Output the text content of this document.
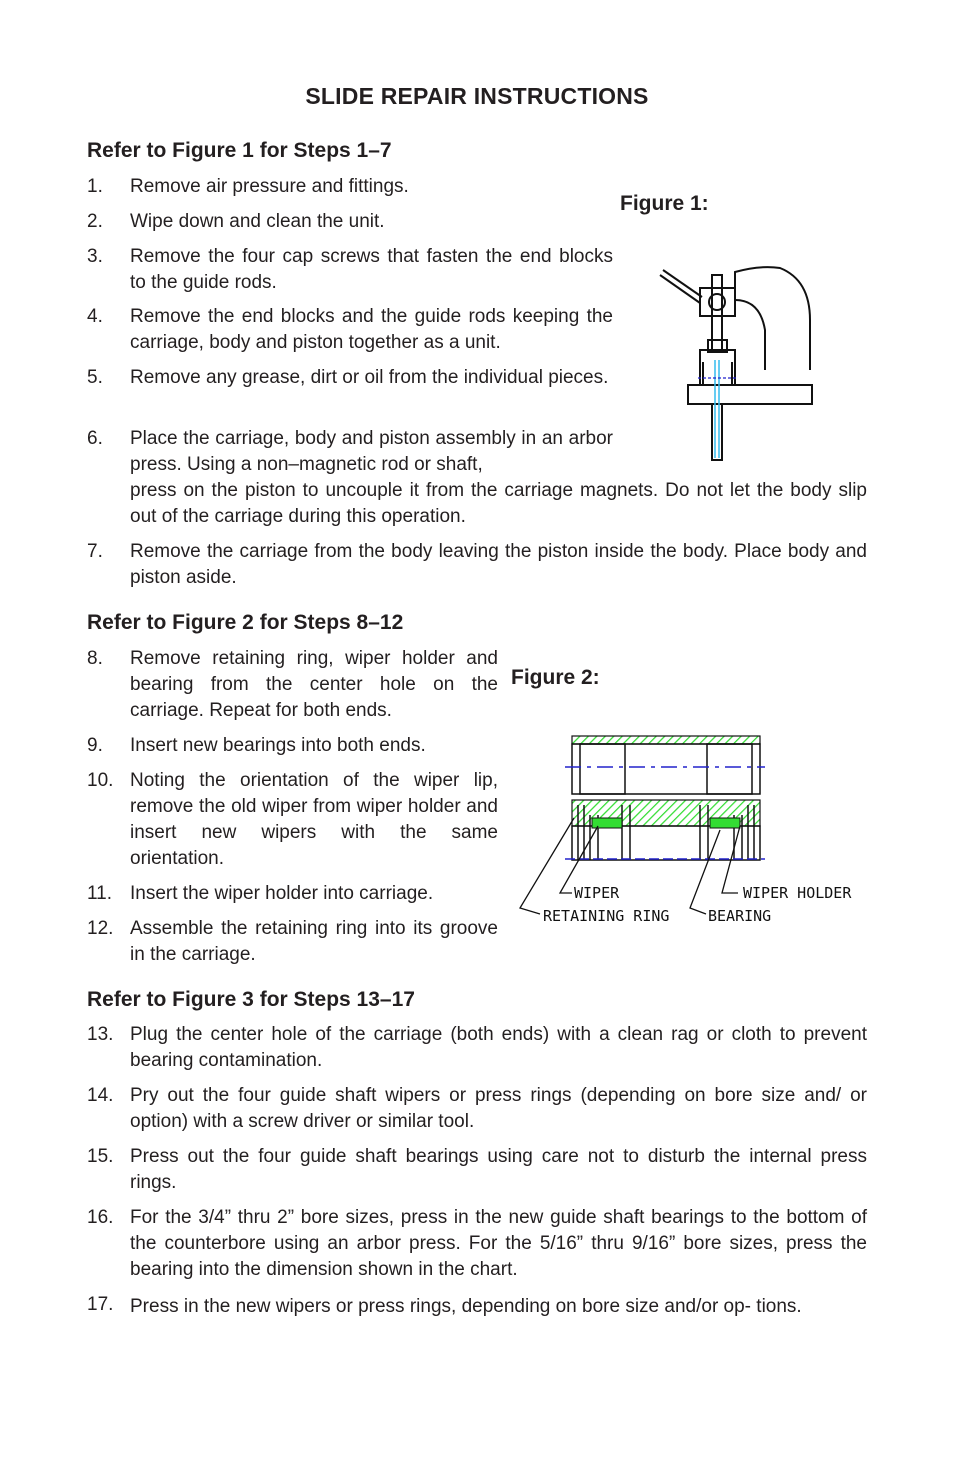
SLIDE REPAIR INSTRUCTIONS
Refer to Figure 1 for Steps 1–7
1. Remove air pressure and fittings.
2. Wipe down and clean the unit.
3. Remove the four cap screws that fasten the end blocks to the guide rods.
4. Remove the end blocks and the guide rods keeping the carriage, body and piston together as a unit.
5. Remove any grease, dirt or oil from the individual pieces.
6. Place the carriage, body and piston assembly in an arbor press. Using a non–magnetic rod or shaft,
press on the piston to uncouple it from the carriage magnets. Do not let the body slip out of the carriage during this operation.
7. Remove the carriage from the body leaving the piston inside the body. Place body and piston aside.
Figure 1:
Refer to Figure 2 for Steps 8–12
8. Remove retaining ring, wiper holder and bearing from the center hole on the carriage. Repeat for both ends.
9. Insert new bearings into both ends.
10. Noting the orientation of the wiper lip, remove the old wiper from wiper holder and insert new wipers with the same orientation.
11. Insert the wiper holder into carriage.
12. Assemble the retaining ring into its groove in the carriage.
Figure 2:
WIPER	WIPER HOLDER
RETAINING RING	BEARING
Refer to Figure 3 for Steps 13–17
13. Plug the center hole of the carriage (both ends) with a clean rag or cloth to prevent bearing contamination.
14. Pry out the four guide shaft wipers or press rings (depending on bore size and/ or option) with a screw driver or similar tool.
15. Press out the four guide shaft bearings using care not to disturb the internal press rings.
16. For the 3/4” thru 2” bore sizes, press in the new guide shaft bearings to the bottom of the counterbore using an arbor press. For the 5/16” thru 9/16” bore sizes, press the bearing into the dimension shown in the chart.
17. Press in the new wipers or press rings, depending on bore size and/or op- tions.
